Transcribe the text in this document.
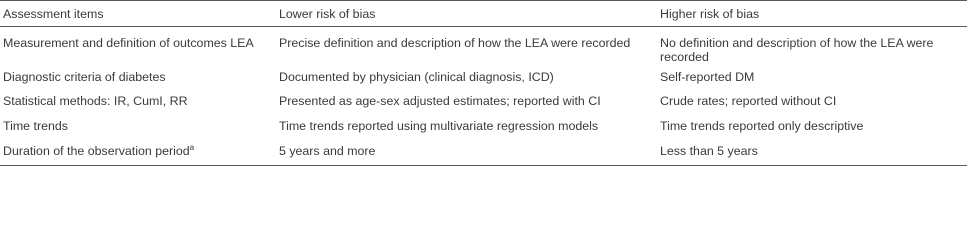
Assessment items	Lower risk of bias	Higher risk of bias
Measurement and definition of outcomes LEA	Precise definition and description of how the LEA were recorded	No definition and description of how the LEA were recorded
Diagnostic criteria of diabetes	Documented by physician (clinical diagnosis, ICD)	Self-reported DM
Statistical methods: IR, CumI, RR	Presented as age-sex adjusted estimates; reported with CI	Crude rates; reported without CI
Time trends	Time trends reported using multivariate regression models	Time trends reported only descriptive
Duration of the observation period$^a$	5 years and more	Less than 5 years
